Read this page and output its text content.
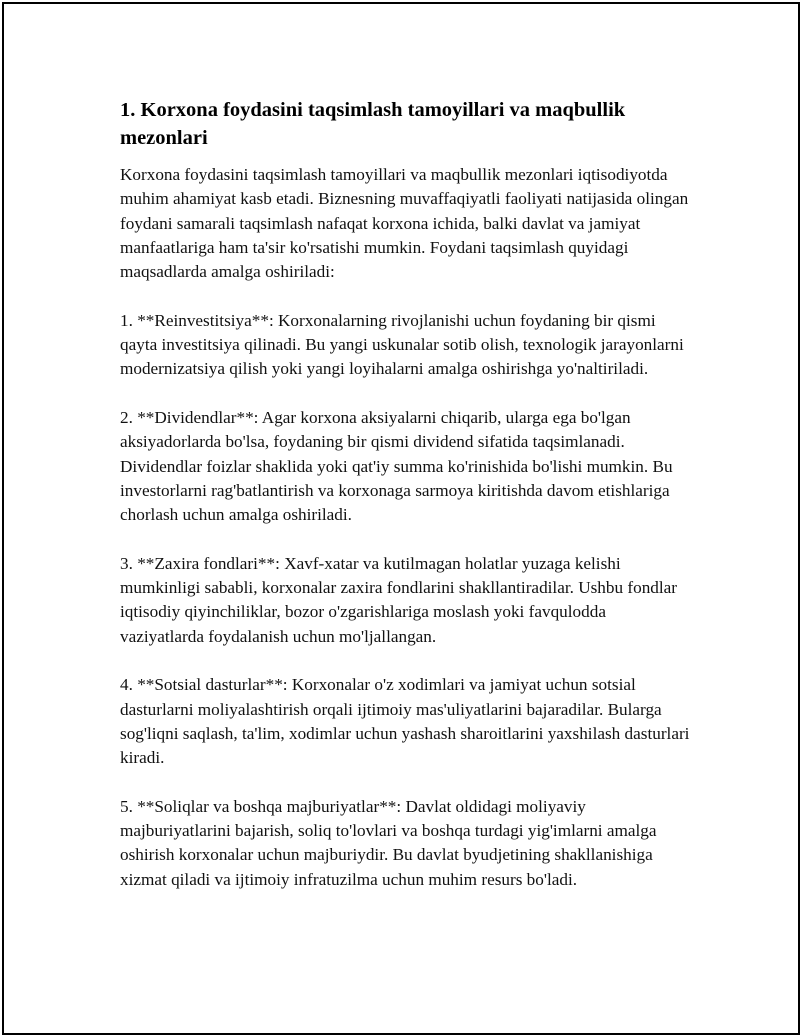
1. Korxona foydasini taqsimlash tamoyillari va maqbullik mezonlari

Korxona foydasini taqsimlash tamoyillari va maqbullik mezonlari iqtisodiyotda muhim ahamiyat kasb etadi. Biznesning muvaffaqiyatli faoliyati natijasida olingan foydani samarali taqsimlash nafaqat korxona ichida, balki davlat va jamiyat manfaatlariga ham ta'sir ko'rsatishi mumkin. Foydani taqsimlash quyidagi maqsadlarda amalga oshiriladi:

1. **Reinvestitsiya**: Korxonalarning rivojlanishi uchun foydaning bir qismi qayta investitsiya qilinadi. Bu yangi uskunalar sotib olish, texnologik jarayonlarni modernizatsiya qilish yoki yangi loyihalarni amalga oshirishga yo'naltiriladi.

2. **Dividendlar**: Agar korxona aksiyalarni chiqarib, ularga ega bo'lgan aksiyadorlarda bo'lsa, foydaning bir qismi dividend sifatida taqsimlanadi. Dividendlar foizlar shaklida yoki qat'iy summa ko'rinishida bo'lishi mumkin. Bu investorlarni rag'batlantirish va korxonaga sarmoya kiritishda davom etishlariga chorlash uchun amalga oshiriladi.

3. **Zaxira fondlari**: Xavf-xatar va kutilmagan holatlar yuzaga kelishi mumkinligi sababli, korxonalar zaxira fondlarini shakllantiradilar. Ushbu fondlar iqtisodiy qiyinchiliklar, bozor o'zgarishlariga moslash yoki favqulodda vaziyatlarda foydalanish uchun mo'ljallangan.

4. **Sotsial dasturlar**: Korxonalar o'z xodimlari va jamiyat uchun sotsial dasturlarni moliyalashtirish orqali ijtimoiy mas'uliyatlarini bajaradilar. Bularga sog'liqni saqlash, ta'lim, xodimlar uchun yashash sharoitlarini yaxshilash dasturlari kiradi.

5. **Soliqlar va boshqa majburiyatlar**: Davlat oldidagi moliyaviy majburiyatlarini bajarish, soliq to'lovlari va boshqa turdagi yig'imlarni amalga oshirish korxonalar uchun majburiydir. Bu davlat byudjetining shakllanishiga xizmat qiladi va ijtimoiy infratuzilma uchun muhim resurs bo'ladi.
